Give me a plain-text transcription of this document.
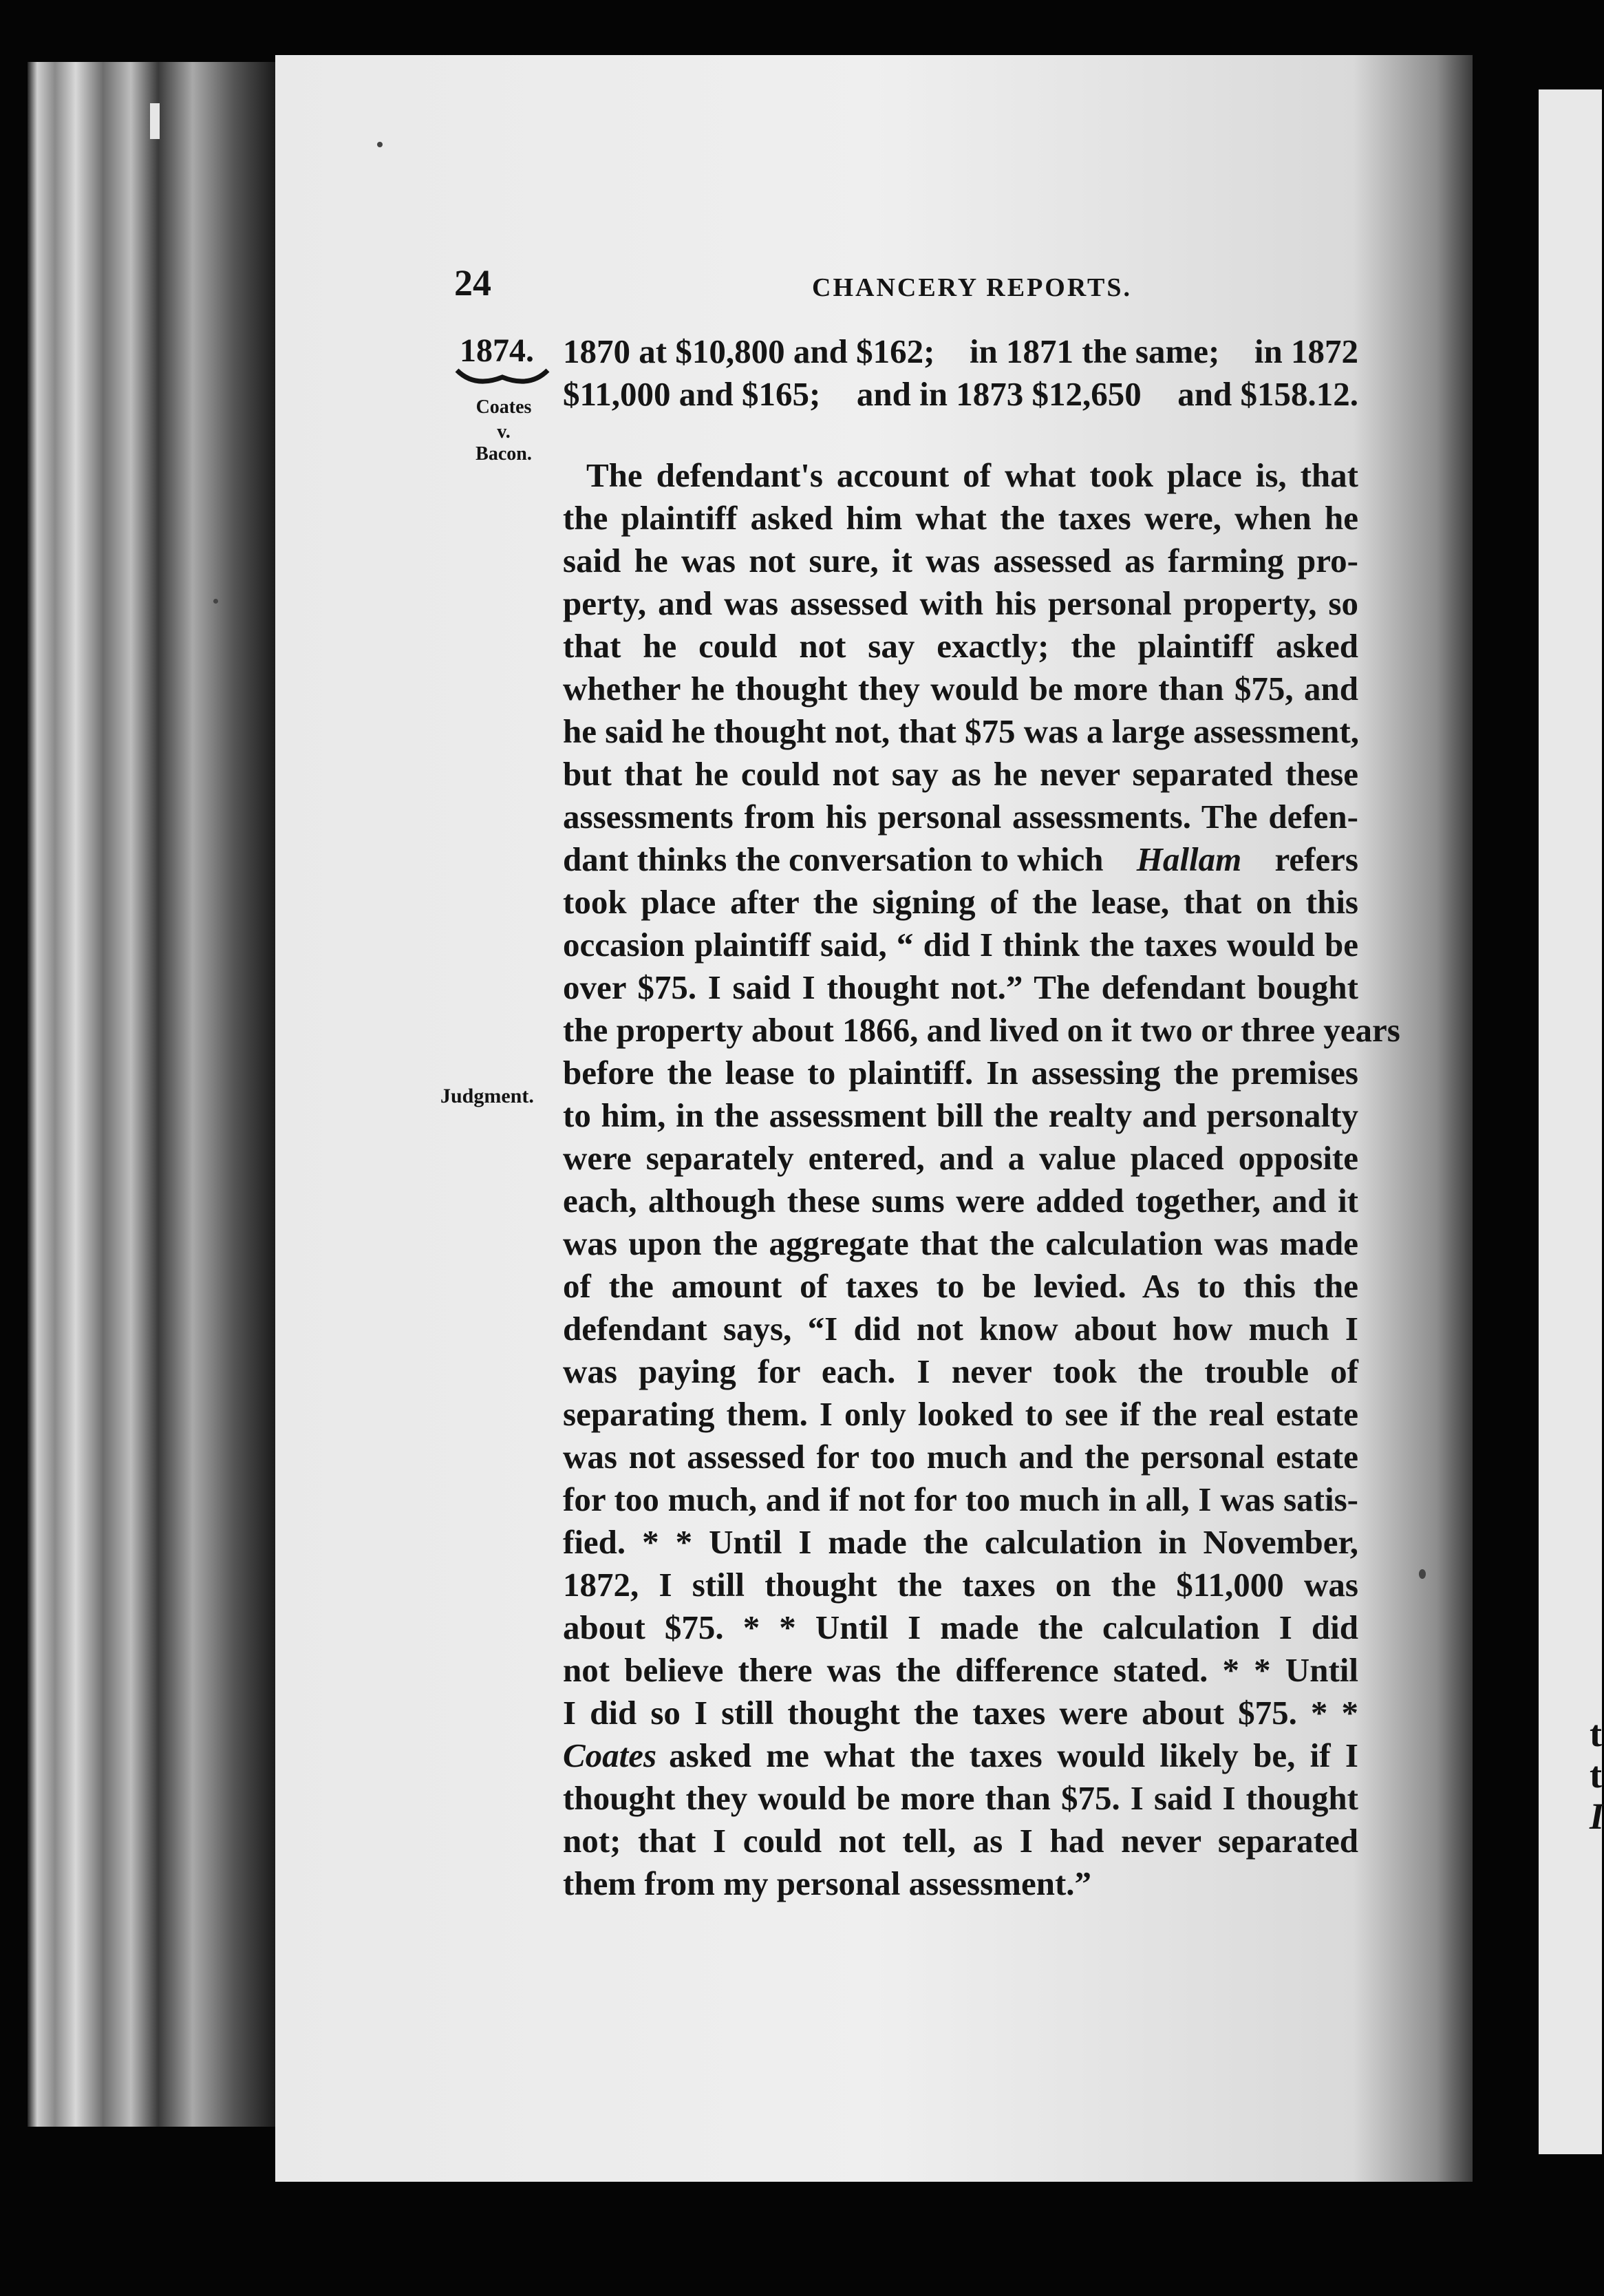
t
t
I
24	CHANCERY REPORTS.
1874.
Coates
v.
Bacon.
Judgment.
1870 at $10,800 and $162; in 1871 the same; in 1872
$11,000 and $165; and in 1873 $12,650 and $158.12.
The defendant's account of what took place is, that
the plaintiff asked him what the taxes were, when he
said he was not sure, it was assessed as farming pro-
perty, and was assessed with his personal property, so
that he could not say exactly; the plaintiff asked
whether he thought they would be more than $75, and
he said he thought not, that $75 was a large assessment,
but that he could not say as he never separated these
assessments from his personal assessments. The defen-
dant thinks the conversation to which Hallam refers
took place after the signing of the lease, that on this
occasion plaintiff said, “ did I think the taxes would be
over $75. I said I thought not.” The defendant bought
the property about 1866, and lived on it two or three years
before the lease to plaintiff. In assessing the premises
to him, in the assessment bill the realty and personalty
were separately entered, and a value placed opposite
each, although these sums were added together, and it
was upon the aggregate that the calculation was made
of the amount of taxes to be levied. As to this the
defendant says, “I did not know about how much I
was paying for each. I never took the trouble of
separating them. I only looked to see if the real estate
was not assessed for too much and the personal estate
for too much, and if not for too much in all, I was satis-
fied. * * Until I made the calculation in November,
1872, I still thought the taxes on the $11,000 was
about $75. * * Until I made the calculation I did
not believe there was the difference stated. * * Until
I did so I still thought the taxes were about $75. * *
Coates asked me what the taxes would likely be, if I
thought they would be more than $75. I said I thought
not; that I could not tell, as I had never separated
them from my personal assessment.”
